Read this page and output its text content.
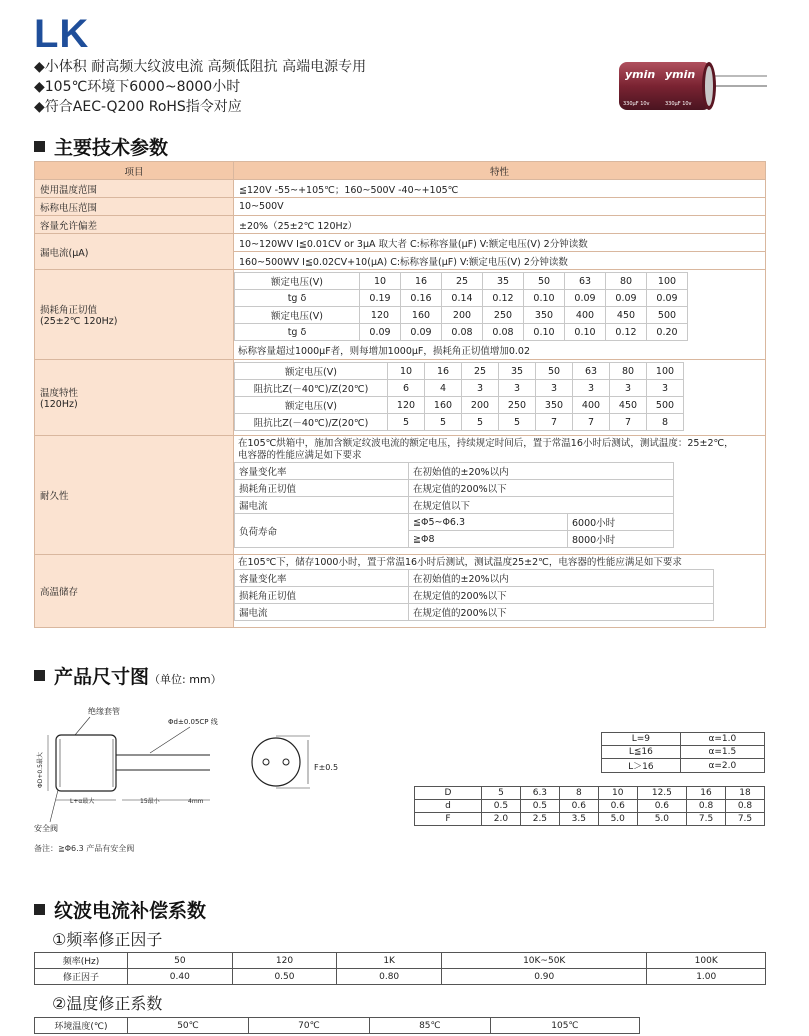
LK
◆小体积 耐高频大纹波电流 高频低阻抗 高端电源专用
◆105℃环境下6000~8000小时
◆符合AEC-Q200 RoHS指令对应
ymin ymin
330μF 10v	330μF 10v
主要技术参数
项目	特性
使用温度范围	≦120V -55~+105℃；160~500V -40~+105℃
标称电压范围	10~500V
容量允许偏差	±20%（25±2℃ 120Hz）
漏电流(μA)	10~120WV I≦0.01CV or 3μA 取大者 C:标称容量(μF) V:额定电压(V) 2分钟读数
160~500WV I≦0.02CV+10(μA) C:标称容量(μF) V:额定电压(V) 2分钟读数

损耗角正切值
(25±2℃ 120Hz)

额定电压(V)	10	16	25	35	50	63	80	100
tg δ	0.19	0.16	0.14	0.12	0.10	0.09	0.09	0.09
额定电压(V)	120	160	200	250	350	400	450	500
tg δ	0.09	0.09	0.08	0.08	0.10	0.10	0.12	0.20
标称容量超过1000μF者，则每增加1000μF，损耗角正切值增加0.02

温度特性
(120Hz)

额定电压(V)	10	16	25	35	50	63	80	100
阻抗比Z(－40℃)/Z(20℃)	6	4	3	3	3	3	3	3
额定电压(V)	120	160	200	250	350	400	450	500
阻抗比Z(－40℃)/Z(20℃)	5	5	5	5	7	7	7	8

耐久性	
在105℃烘箱中，施加含额定纹波电流的额定电压，持续规定时间后，置于常温16小时后测试，测试温度：25±2℃，
电容器的性能应满足如下要求
容量变化率	在初始值的±20%以内
损耗角正切值	在规定值的200%以下
漏电流	在规定值以下
负荷寿命	≦Φ5~Φ6.3	6000小时
≧Φ8	8000小时

高温储存	
在105℃下，储存1000小时，置于常温16小时后测试，测试温度25±2℃，电容器的性能应满足如下要求
容量变化率	在初始值的±20%以内
损耗角正切值	在规定值的200%以下
漏电流	在规定值的200%以下
产品尺寸图（单位: mm）
绝缘套管
Φd±0.05CP 线
ΦD+0.5最大
L+α最大	15最小	4mm
安全阀
F±0.5
备注：≧Φ6.3 产品有安全阀
L=9	α=1.0
L≦16	α=1.5
L＞16	α=2.0
D	5	6.3	8	10	12.5	16	18
d	0.5	0.5	0.6	0.6	0.6	0.8	0.8
F	2.0	2.5	3.5	5.0	5.0	7.5	7.5
纹波电流补偿系数
①频率修正因子
频率(Hz)	50	120	1K	10K~50K	100K
修正因子	0.40	0.50	0.80	0.90	1.00
②温度修正系数
环境温度(℃)	50℃	70℃	85℃	105℃
